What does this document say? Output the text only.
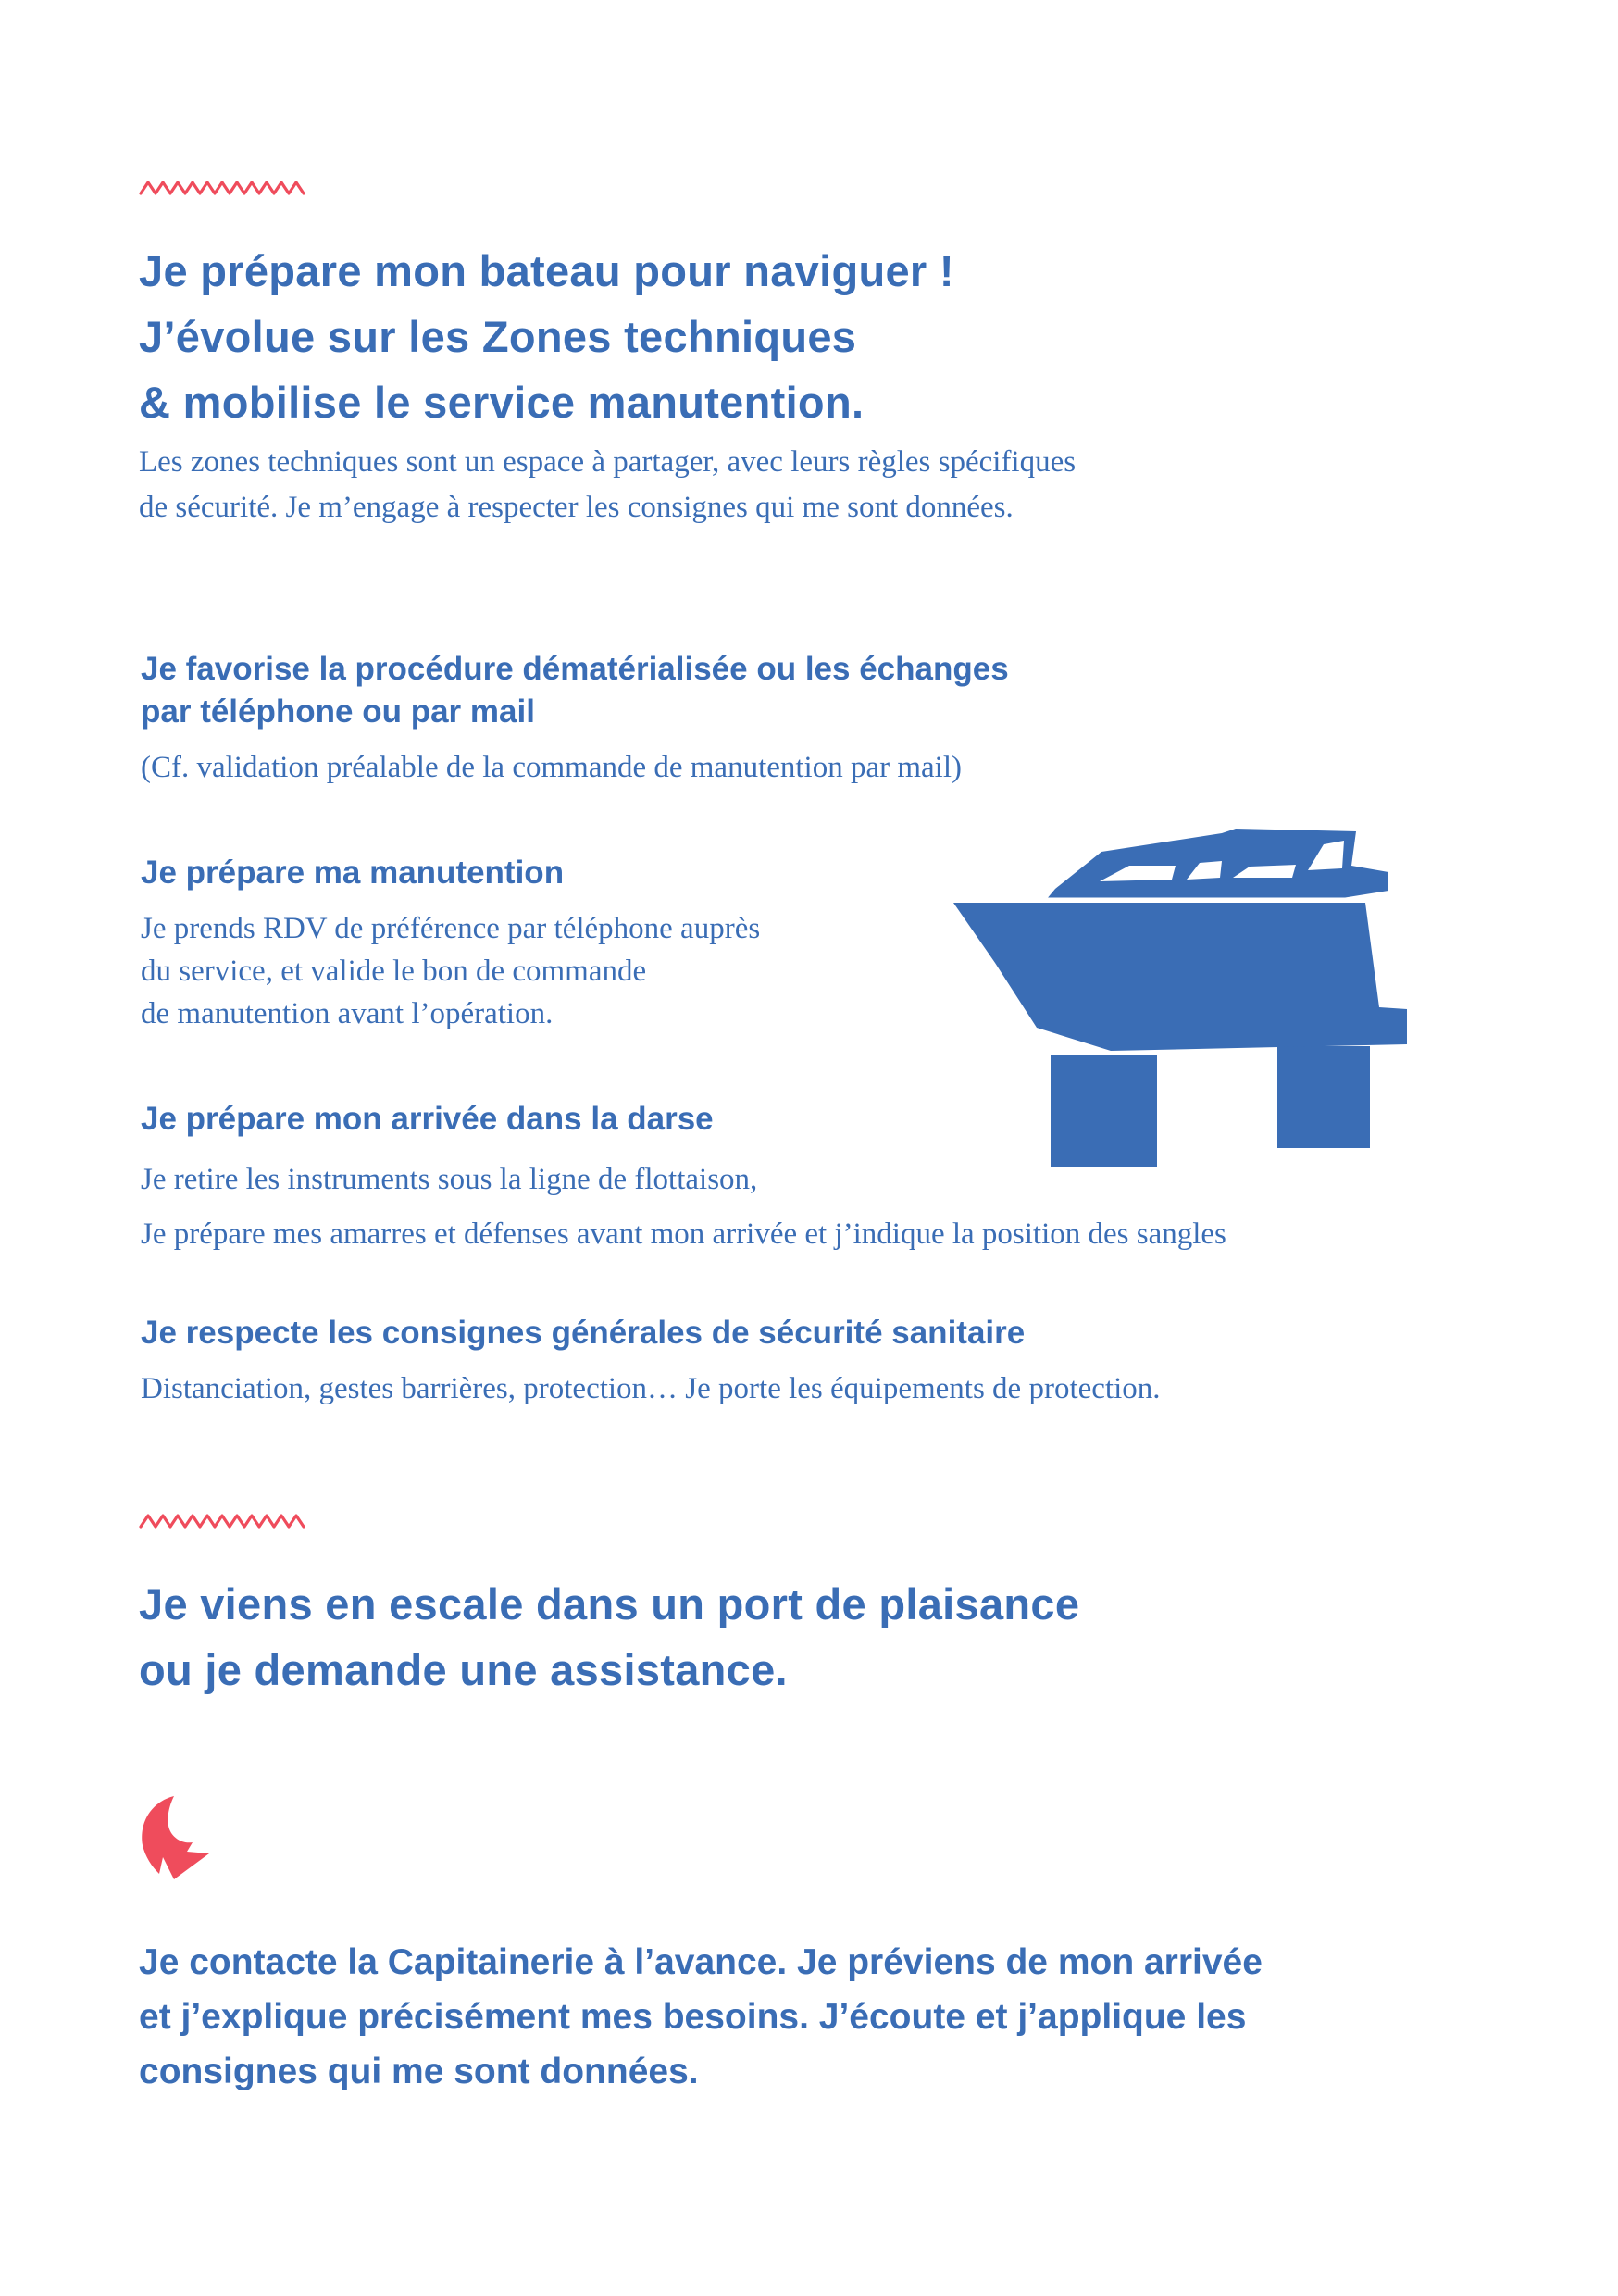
Je prépare mon bateau pour naviguer !
J’évolue sur les Zones techniques
& mobilise le service manutention.

Les zones techniques sont un espace à partager, avec leurs règles spécifiques
de sécurité. Je m’engage à respecter les consignes qui me sont données.

Je favorise la procédure dématérialisée ou les échanges
par téléphone ou par mail

(Cf. validation préalable de la commande de manutention par mail)

Je prépare ma manutention

Je prends RDV de préférence par téléphone auprès
du service, et valide le bon de commande
de manutention avant l’opération.

Je prépare mon arrivée dans la darse

Je retire les instruments sous la ligne de flottaison,
Je prépare mes amarres et défenses avant mon arrivée et j’indique la position des sangles

Je respecte les consignes générales de sécurité sanitaire

Distanciation, gestes barrières, protection… Je porte les équipements de protection.

Je viens en escale dans un port de plaisance
ou je demande une assistance.

Je contacte la Capitainerie à l’avance. Je préviens de mon arrivée
et j’explique précisément mes besoins. J’écoute et j’applique les
consignes qui me sont données.
